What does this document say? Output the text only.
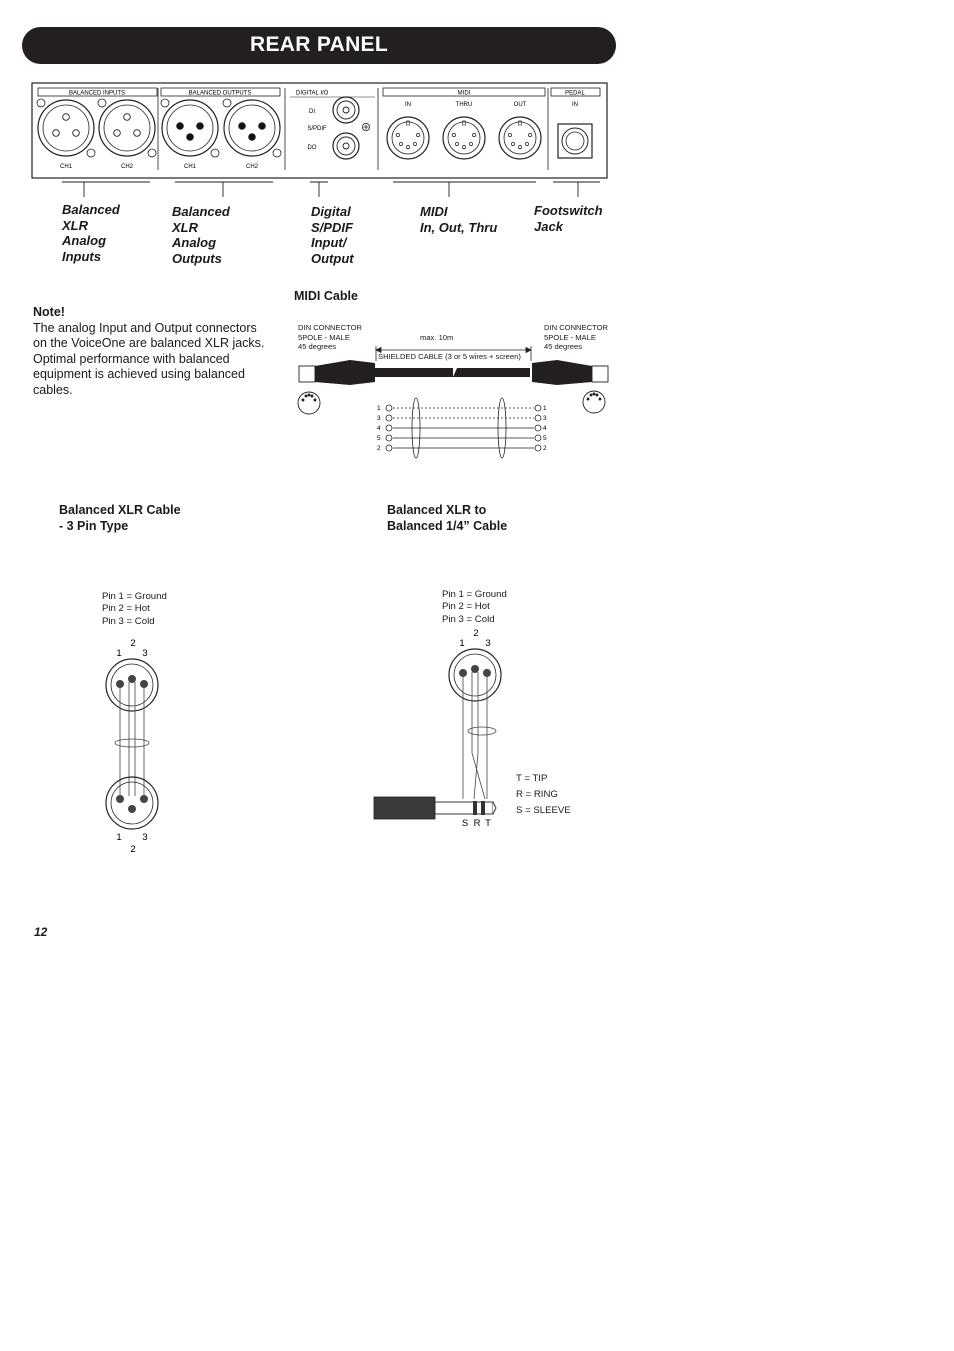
REAR PANEL
BALANCED INPUTS	BALANCED OUTPUTS	DIGITAL I/O	MIDI	PEDAL
CH1	CH2	CH1	CH2
DI
S/PDIF
DO
IN	THRU	OUT	IN
Balanced
XLR
Analog
Inputs
Balanced
XLR
Analog
Outputs
Digital
S/PDIF
Input/
Output
MIDI
In, Out, Thru
Footswitch
Jack
Note!
The analog Input and Output connectors on the VoiceOne are balanced XLR jacks. Optimal performance with balanced equipment is achieved using balanced cables.
MIDI Cable
DIN CONNECTOR
5POLE - MALE
45 degrees
DIN CONNECTOR
5POLE - MALE
45 degrees
max. 10m
SHIELDED CABLE (3 or 5 wires + screen)
1
3
4
5
2
1
3
4
5
2
Balanced XLR Cable
- 3 Pin Type
Pin 1 = Ground
Pin 2 = Hot
Pin 3 = Cold
2
1 3
1 3
2
Balanced XLR to
Balanced 1/4” Cable
Pin 1 = Ground
Pin 2 = Hot
Pin 3 = Cold
T = TIP
R = RING
S = SLEEVE
2
1 3
S R T
12
